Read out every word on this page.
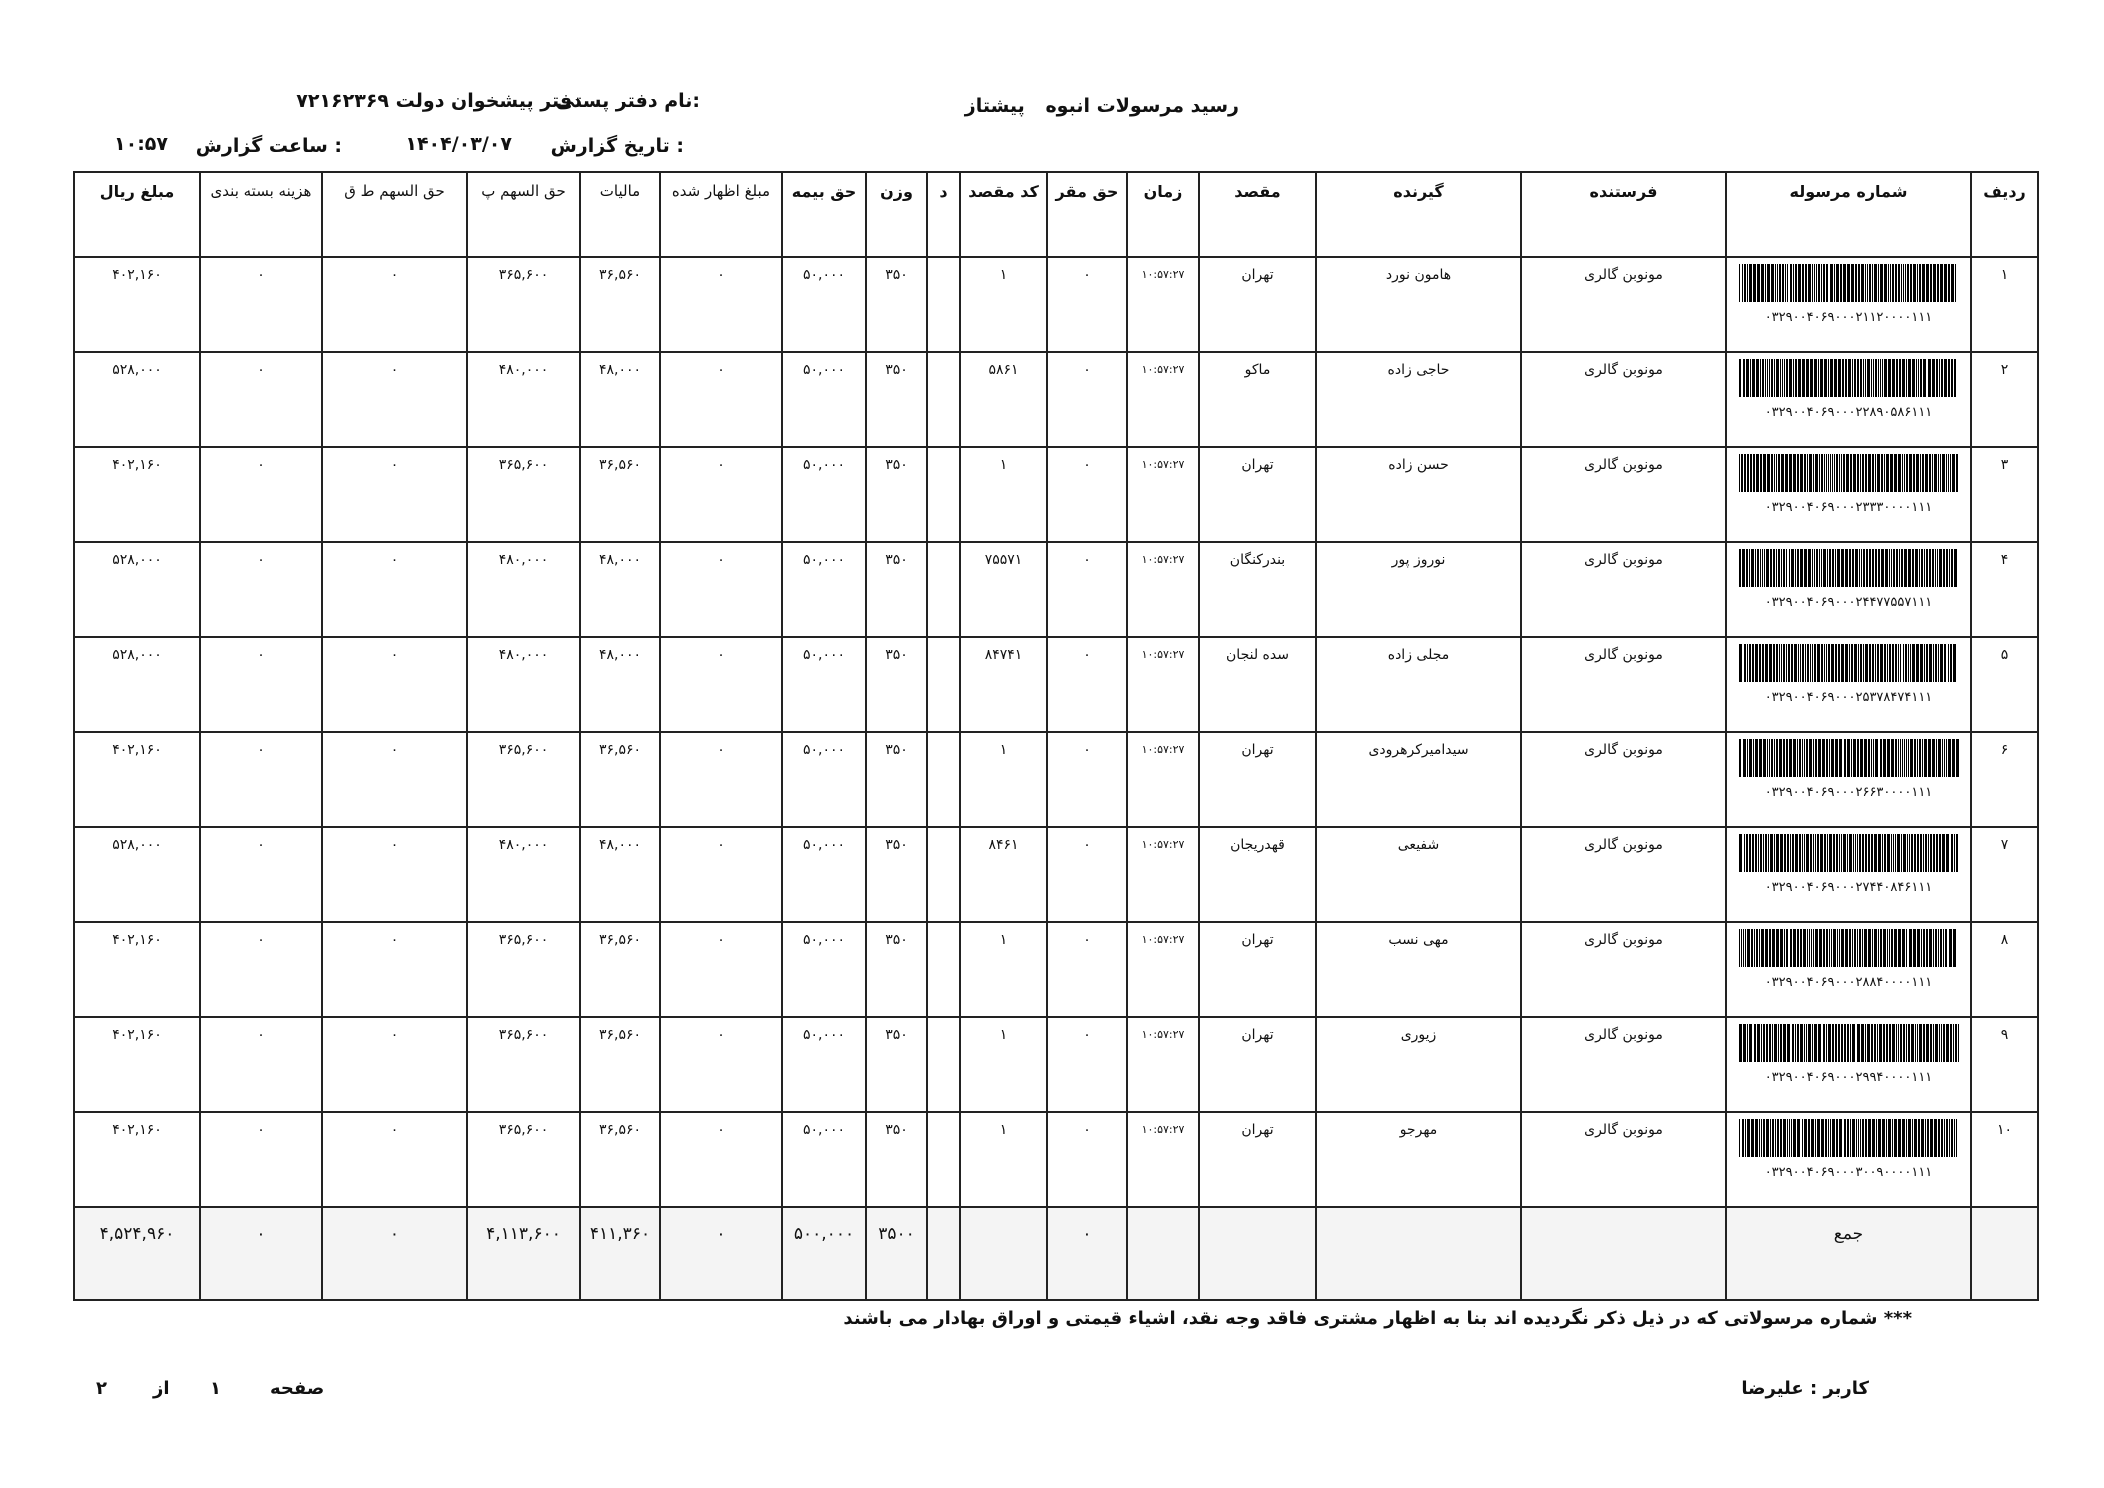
رسید مرسولات انبوه پیشتاز
نام دفتر پستی:
دفتر پیشخوان دولت ۷۲۱۶۲۳۶۹
تاریخ گزارش :
۱۴۰۴/۰۳/۰۷
ساعت گزارش :
۱۰:۵۷
ردیف	شماره مرسوله	فرستنده	گیرنده	مقصد	زمان	حق مقر	کد مقصد	د	وزن	حق بیمه	مبلغ اظهار شده	مالیات	حق السهم پ	حق السهم ط ق	هزینه بسته بندی	مبلغ ریال
۱	۰۳۲۹۰۰۴۰۶۹۰۰۰۲۱۱۲۰۰۰۰۱۱۱	مونوبن گالری	هامون نورد	تهران	۱۰:۵۷:۲۷	۰	۱		۳۵۰	۵۰,۰۰۰	۰	۳۶,۵۶۰	۳۶۵,۶۰۰	۰	۰	۴۰۲,۱۶۰
۲	۰۳۲۹۰۰۴۰۶۹۰۰۰۲۲۸۹۰۵۸۶۱۱۱	مونوبن گالری	حاجی زاده	ماکو	۱۰:۵۷:۲۷	۰	۵۸۶۱		۳۵۰	۵۰,۰۰۰	۰	۴۸,۰۰۰	۴۸۰,۰۰۰	۰	۰	۵۲۸,۰۰۰
۳	۰۳۲۹۰۰۴۰۶۹۰۰۰۲۳۳۳۰۰۰۰۱۱۱	مونوبن گالری	حسن زاده	تهران	۱۰:۵۷:۲۷	۰	۱		۳۵۰	۵۰,۰۰۰	۰	۳۶,۵۶۰	۳۶۵,۶۰۰	۰	۰	۴۰۲,۱۶۰
۴	۰۳۲۹۰۰۴۰۶۹۰۰۰۲۴۴۷۷۵۵۷۱۱۱	مونوبن گالری	نوروز پور	بندرکنگان	۱۰:۵۷:۲۷	۰	۷۵۵۷۱		۳۵۰	۵۰,۰۰۰	۰	۴۸,۰۰۰	۴۸۰,۰۰۰	۰	۰	۵۲۸,۰۰۰
۵	۰۳۲۹۰۰۴۰۶۹۰۰۰۲۵۳۷۸۴۷۴۱۱۱	مونوبن گالری	مجلی زاده	سده لنجان	۱۰:۵۷:۲۷	۰	۸۴۷۴۱		۳۵۰	۵۰,۰۰۰	۰	۴۸,۰۰۰	۴۸۰,۰۰۰	۰	۰	۵۲۸,۰۰۰
۶	۰۳۲۹۰۰۴۰۶۹۰۰۰۲۶۶۳۰۰۰۰۱۱۱	مونوبن گالری	سیدامیرکرهرودی	تهران	۱۰:۵۷:۲۷	۰	۱		۳۵۰	۵۰,۰۰۰	۰	۳۶,۵۶۰	۳۶۵,۶۰۰	۰	۰	۴۰۲,۱۶۰
۷	۰۳۲۹۰۰۴۰۶۹۰۰۰۲۷۴۴۰۸۴۶۱۱۱	مونوبن گالری	شفیعی	قهدریجان	۱۰:۵۷:۲۷	۰	۸۴۶۱		۳۵۰	۵۰,۰۰۰	۰	۴۸,۰۰۰	۴۸۰,۰۰۰	۰	۰	۵۲۸,۰۰۰
۸	۰۳۲۹۰۰۴۰۶۹۰۰۰۲۸۸۴۰۰۰۰۱۱۱	مونوبن گالری	مهی نسب	تهران	۱۰:۵۷:۲۷	۰	۱		۳۵۰	۵۰,۰۰۰	۰	۳۶,۵۶۰	۳۶۵,۶۰۰	۰	۰	۴۰۲,۱۶۰
۹	۰۳۲۹۰۰۴۰۶۹۰۰۰۲۹۹۴۰۰۰۰۱۱۱	مونوبن گالری	زیوری	تهران	۱۰:۵۷:۲۷	۰	۱		۳۵۰	۵۰,۰۰۰	۰	۳۶,۵۶۰	۳۶۵,۶۰۰	۰	۰	۴۰۲,۱۶۰
۱۰	۰۳۲۹۰۰۴۰۶۹۰۰۰۳۰۰۹۰۰۰۰۱۱۱	مونوبن گالری	مهرجو	تهران	۱۰:۵۷:۲۷	۰	۱		۳۵۰	۵۰,۰۰۰	۰	۳۶,۵۶۰	۳۶۵,۶۰۰	۰	۰	۴۰۲,۱۶۰
	جمع					۰			۳۵۰۰	۵۰۰,۰۰۰	۰	۴۱۱,۳۶۰	۴,۱۱۳,۶۰۰	۰	۰	۴,۵۲۴,۹۶۰
*** شماره مرسولاتی که در ذیل ذکر نگردیده اند بنا به اظهار مشتری فاقد وجه نقد، اشیاء قیمتی و اوراق بهادار می باشند
کاربر : علیرضا
صفحه
۱
از
۲
